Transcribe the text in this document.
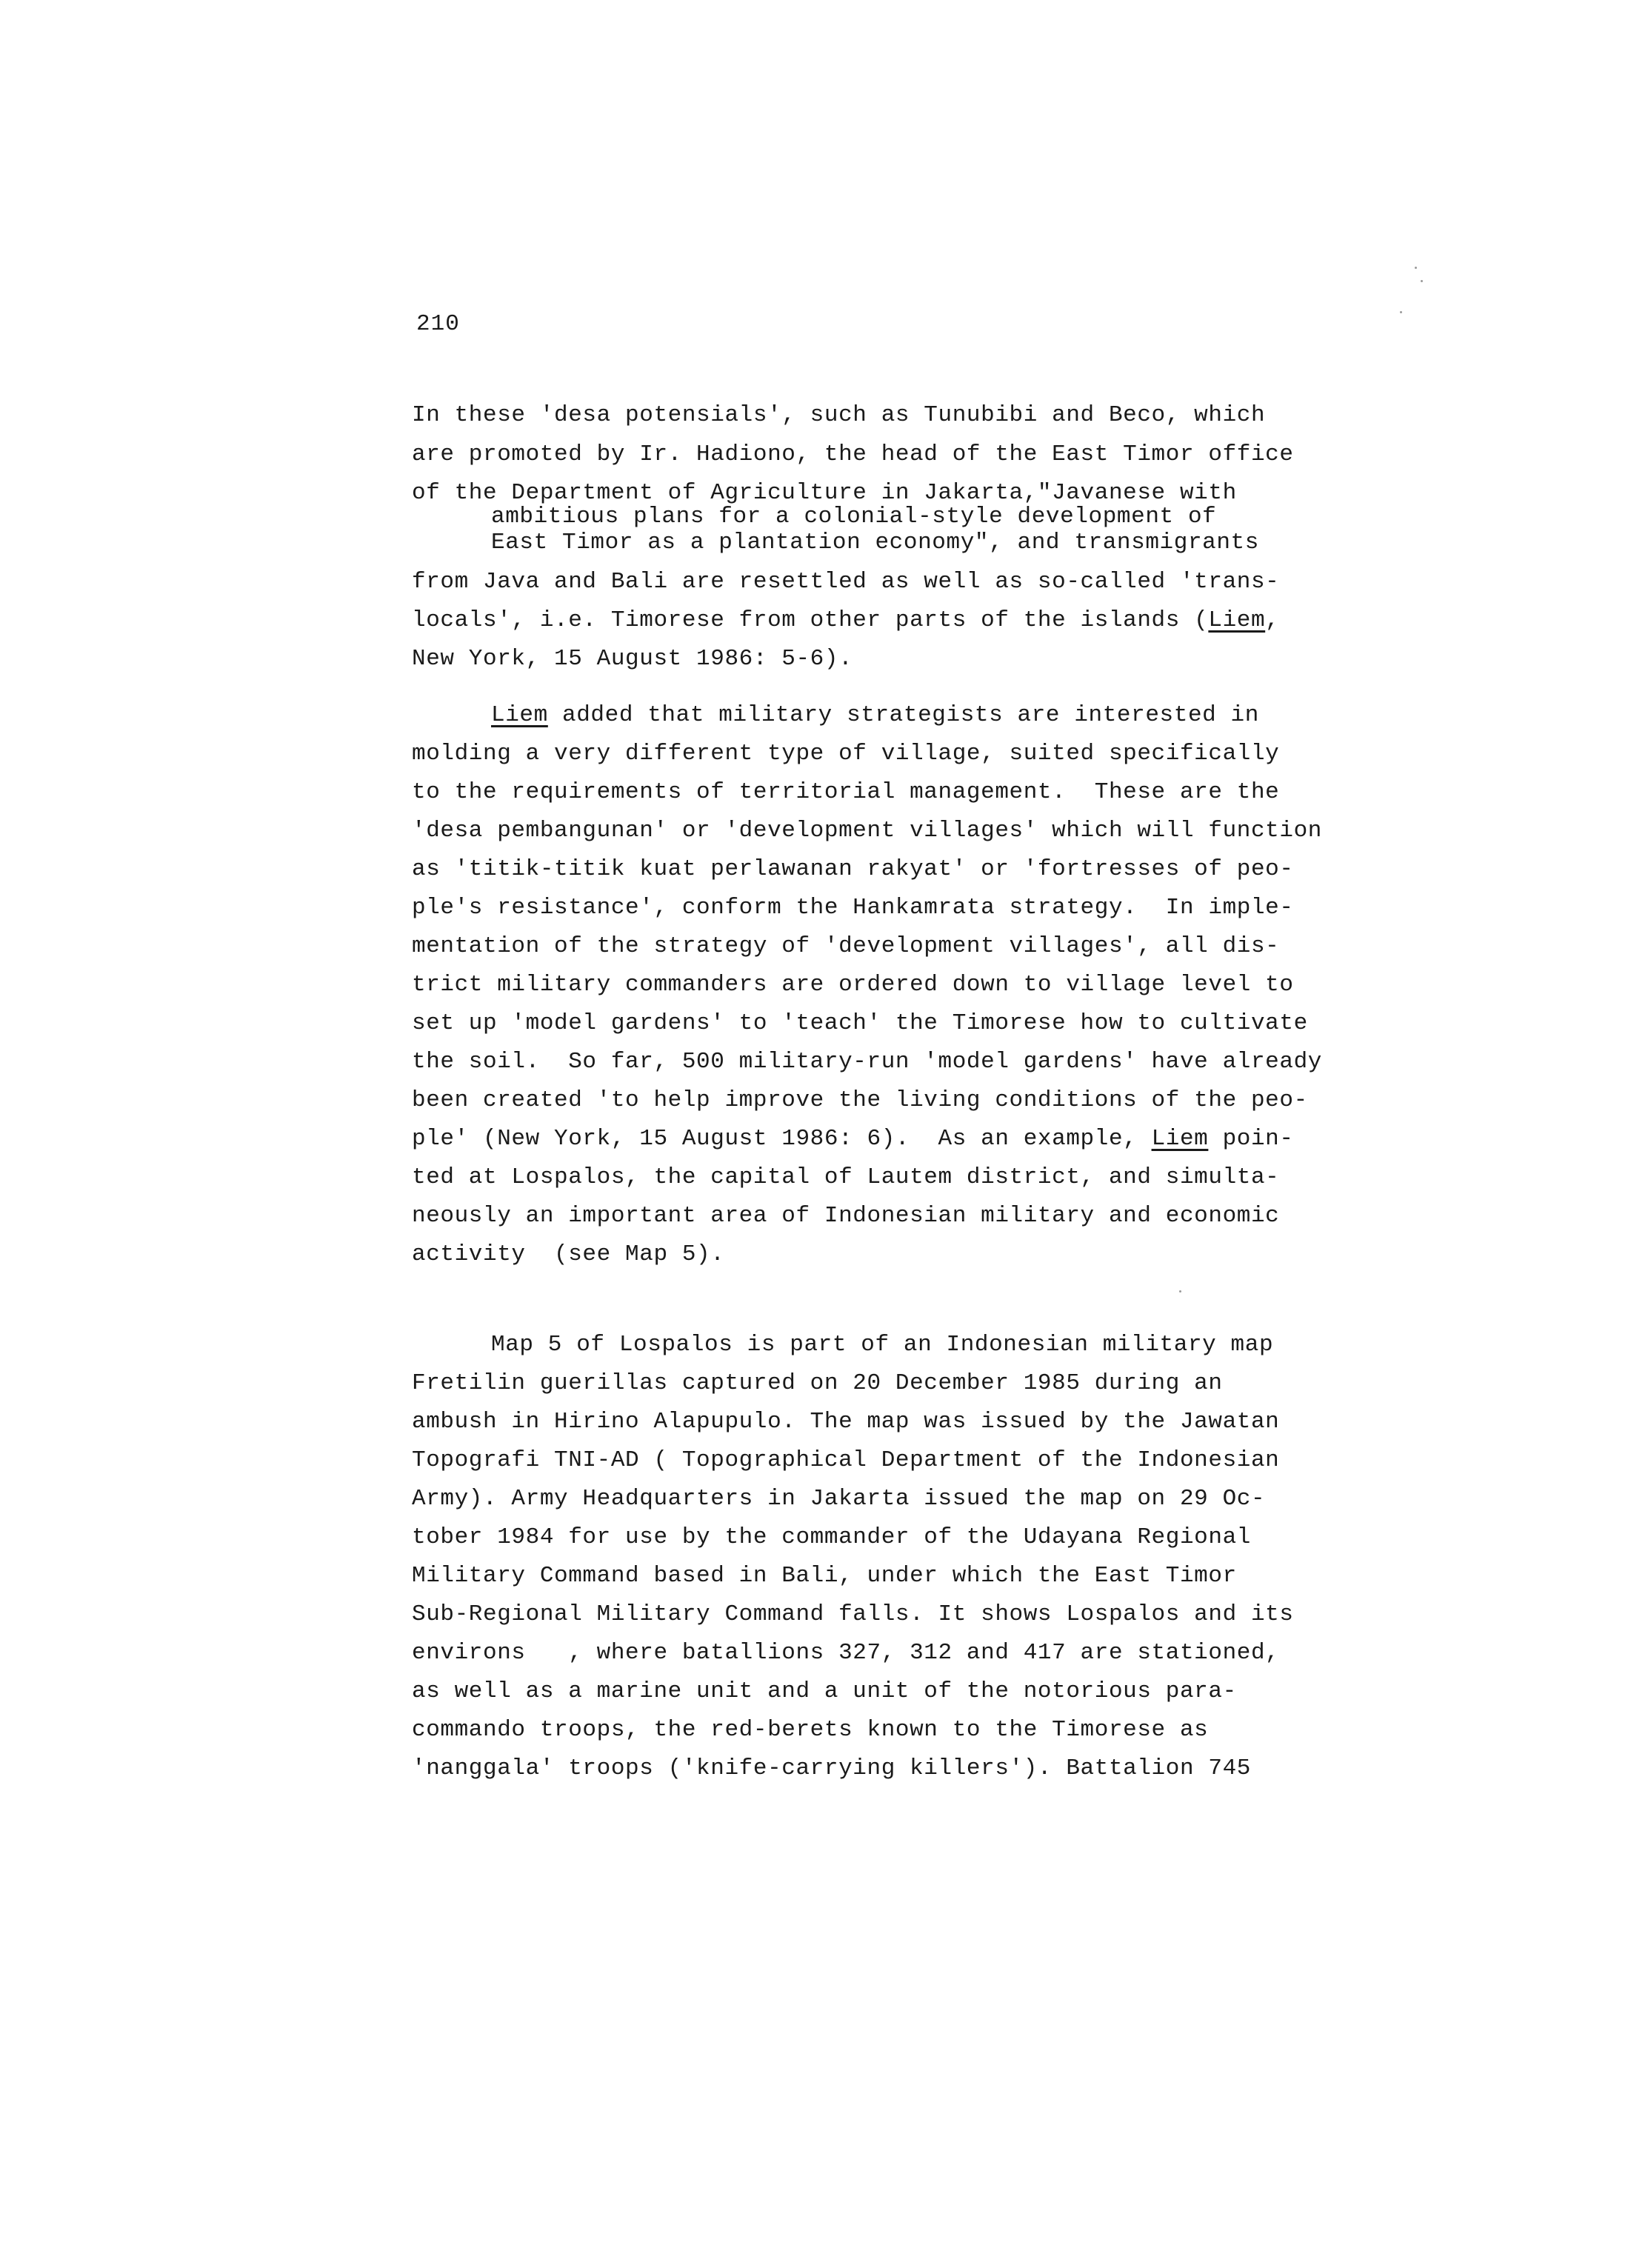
210
In these 'desa potensials', such as Tunubibi and Beco, which
are promoted by Ir. Hadiono, the head of the East Timor office
of the Department of Agriculture in Jakarta,"Javanese with
ambitious plans for a colonial-style development of
East Timor as a plantation economy", and transmigrants
from Java and Bali are resettled as well as so-called 'trans-
locals', i.e. Timorese from other parts of the islands (Liem,
New York, 15 August 1986: 5-6).
Liem added that military strategists are interested in
molding a very different type of village, suited specifically
to the requirements of territorial management.  These are the
'desa pembangunan' or 'development villages' which will function
as 'titik-titik kuat perlawanan rakyat' or 'fortresses of peo-
ple's resistance', conform the Hankamrata strategy.  In imple-
mentation of the strategy of 'development villages', all dis-
trict military commanders are ordered down to village level to
set up 'model gardens' to 'teach' the Timorese how to cultivate
the soil.  So far, 500 military-run 'model gardens' have already
been created 'to help improve the living conditions of the peo-
ple' (New York, 15 August 1986: 6).  As an example, Liem poin-
ted at Lospalos, the capital of Lautem district, and simulta-
neously an important area of Indonesian military and economic
activity  (see Map 5).
Map 5 of Lospalos is part of an Indonesian military map
Fretilin guerillas captured on 20 December 1985 during an
ambush in Hirino Alapupulo. The map was issued by the Jawatan
Topografi TNI-AD ( Topographical Department of the Indonesian
Army). Army Headquarters in Jakarta issued the map on 29 Oc-
tober 1984 for use by the commander of the Udayana Regional
Military Command based in Bali, under which the East Timor
Sub-Regional Military Command falls. It shows Lospalos and its
environs   , where batallions 327, 312 and 417 are stationed,
as well as a marine unit and a unit of the notorious para-
commando troops, the red-berets known to the Timorese as
'nanggala' troops ('knife-carrying killers'). Battalion 745
